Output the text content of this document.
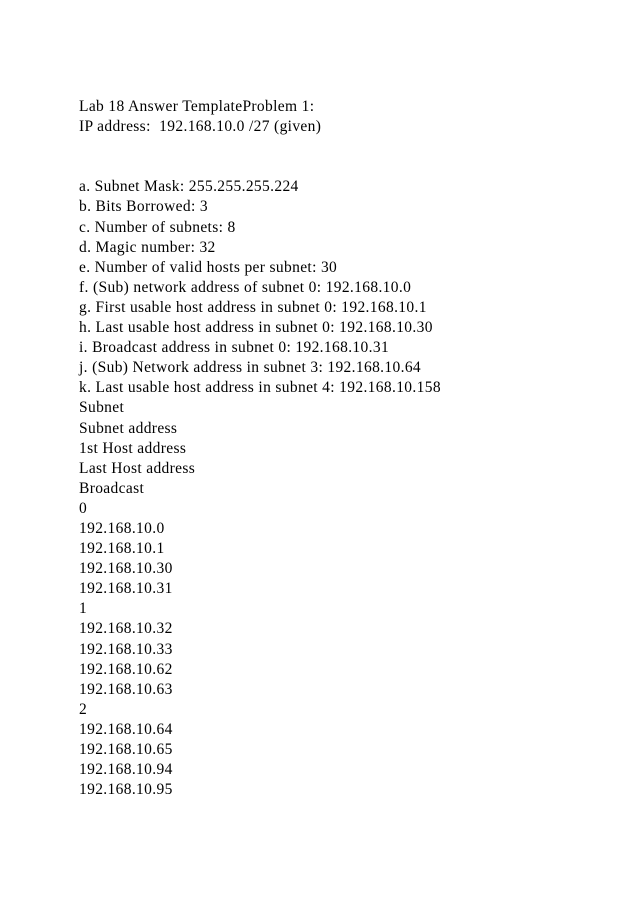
Lab 18 Answer TemplateProblem 1:
IP address:  192.168.10.0 /27 (given)
a. Subnet Mask: 255.255.255.224
b. Bits Borrowed: 3
c. Number of subnets: 8
d. Magic number: 32
e. Number of valid hosts per subnet: 30
f. (Sub) network address of subnet 0: 192.168.10.0
g. First usable host address in subnet 0: 192.168.10.1
h. Last usable host address in subnet 0: 192.168.10.30
i. Broadcast address in subnet 0: 192.168.10.31
j. (Sub) Network address in subnet 3: 192.168.10.64
k. Last usable host address in subnet 4: 192.168.10.158
Subnet
Subnet address
1st Host address
Last Host address
Broadcast
0
192.168.10.0
192.168.10.1
192.168.10.30
192.168.10.31
1
192.168.10.32
192.168.10.33
192.168.10.62
192.168.10.63
2
192.168.10.64
192.168.10.65
192.168.10.94
192.168.10.95
